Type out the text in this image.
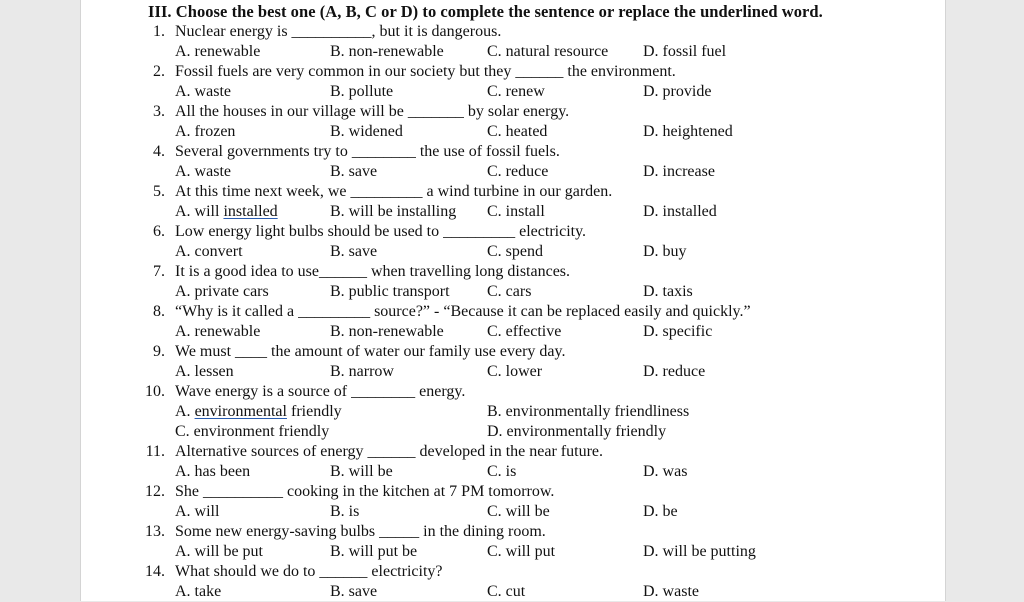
III. Choose the best one (A, B, C or D) to complete the sentence or replace the underlined word.
1. Nuclear energy is __________, but it is dangerous.
A. renewable	B. non-renewable	C. natural resource D. fossil fuel
2. Fossil fuels are very common in our society but they ______ the environment.
A. waste	B. pollute	C. renew	D. provide
3. All the houses in our village will be _______ by solar energy.
A. frozen	B. widened	C. heated	D. heightened
4. Several governments try to ________ the use of fossil fuels.
A. waste	B. save	C. reduce	D. increase
5. At this time next week, we _________ a wind turbine in our garden.
A. will installed	B. will be installing C. install	D. installed
6. Low energy light bulbs should be used to _________ electricity.
A. convert	B. save	C. spend	D. buy
7. It is a good idea to use______ when travelling long distances.
A. private cars	B. public transport C. cars	D. taxis
8. “Why is it called a _________ source?” - “Because it can be replaced easily and quickly.”
A. renewable	B. non-renewable	C. effective	D. specific
9. We must ____ the amount of water our family use every day.
A. lessen	B. narrow	C. lower	D. reduce
10. Wave energy is a source of ________ energy.
A. environmental friendly	B. environmentally friendliness
C. environment friendly	D. environmentally friendly
11. Alternative sources of energy ______ developed in the near future.
A. has been	B. will be	C. is	D. was
12. She __________ cooking in the kitchen at 7 PM tomorrow.
A. will	B. is	C. will be	D. be
13. Some new energy-saving bulbs _____ in the dining room.
A. will be put	B. will put be	C. will put	D. will be putting
14. What should we do to ______ electricity?
A. take	B. save	C. cut	D. waste
